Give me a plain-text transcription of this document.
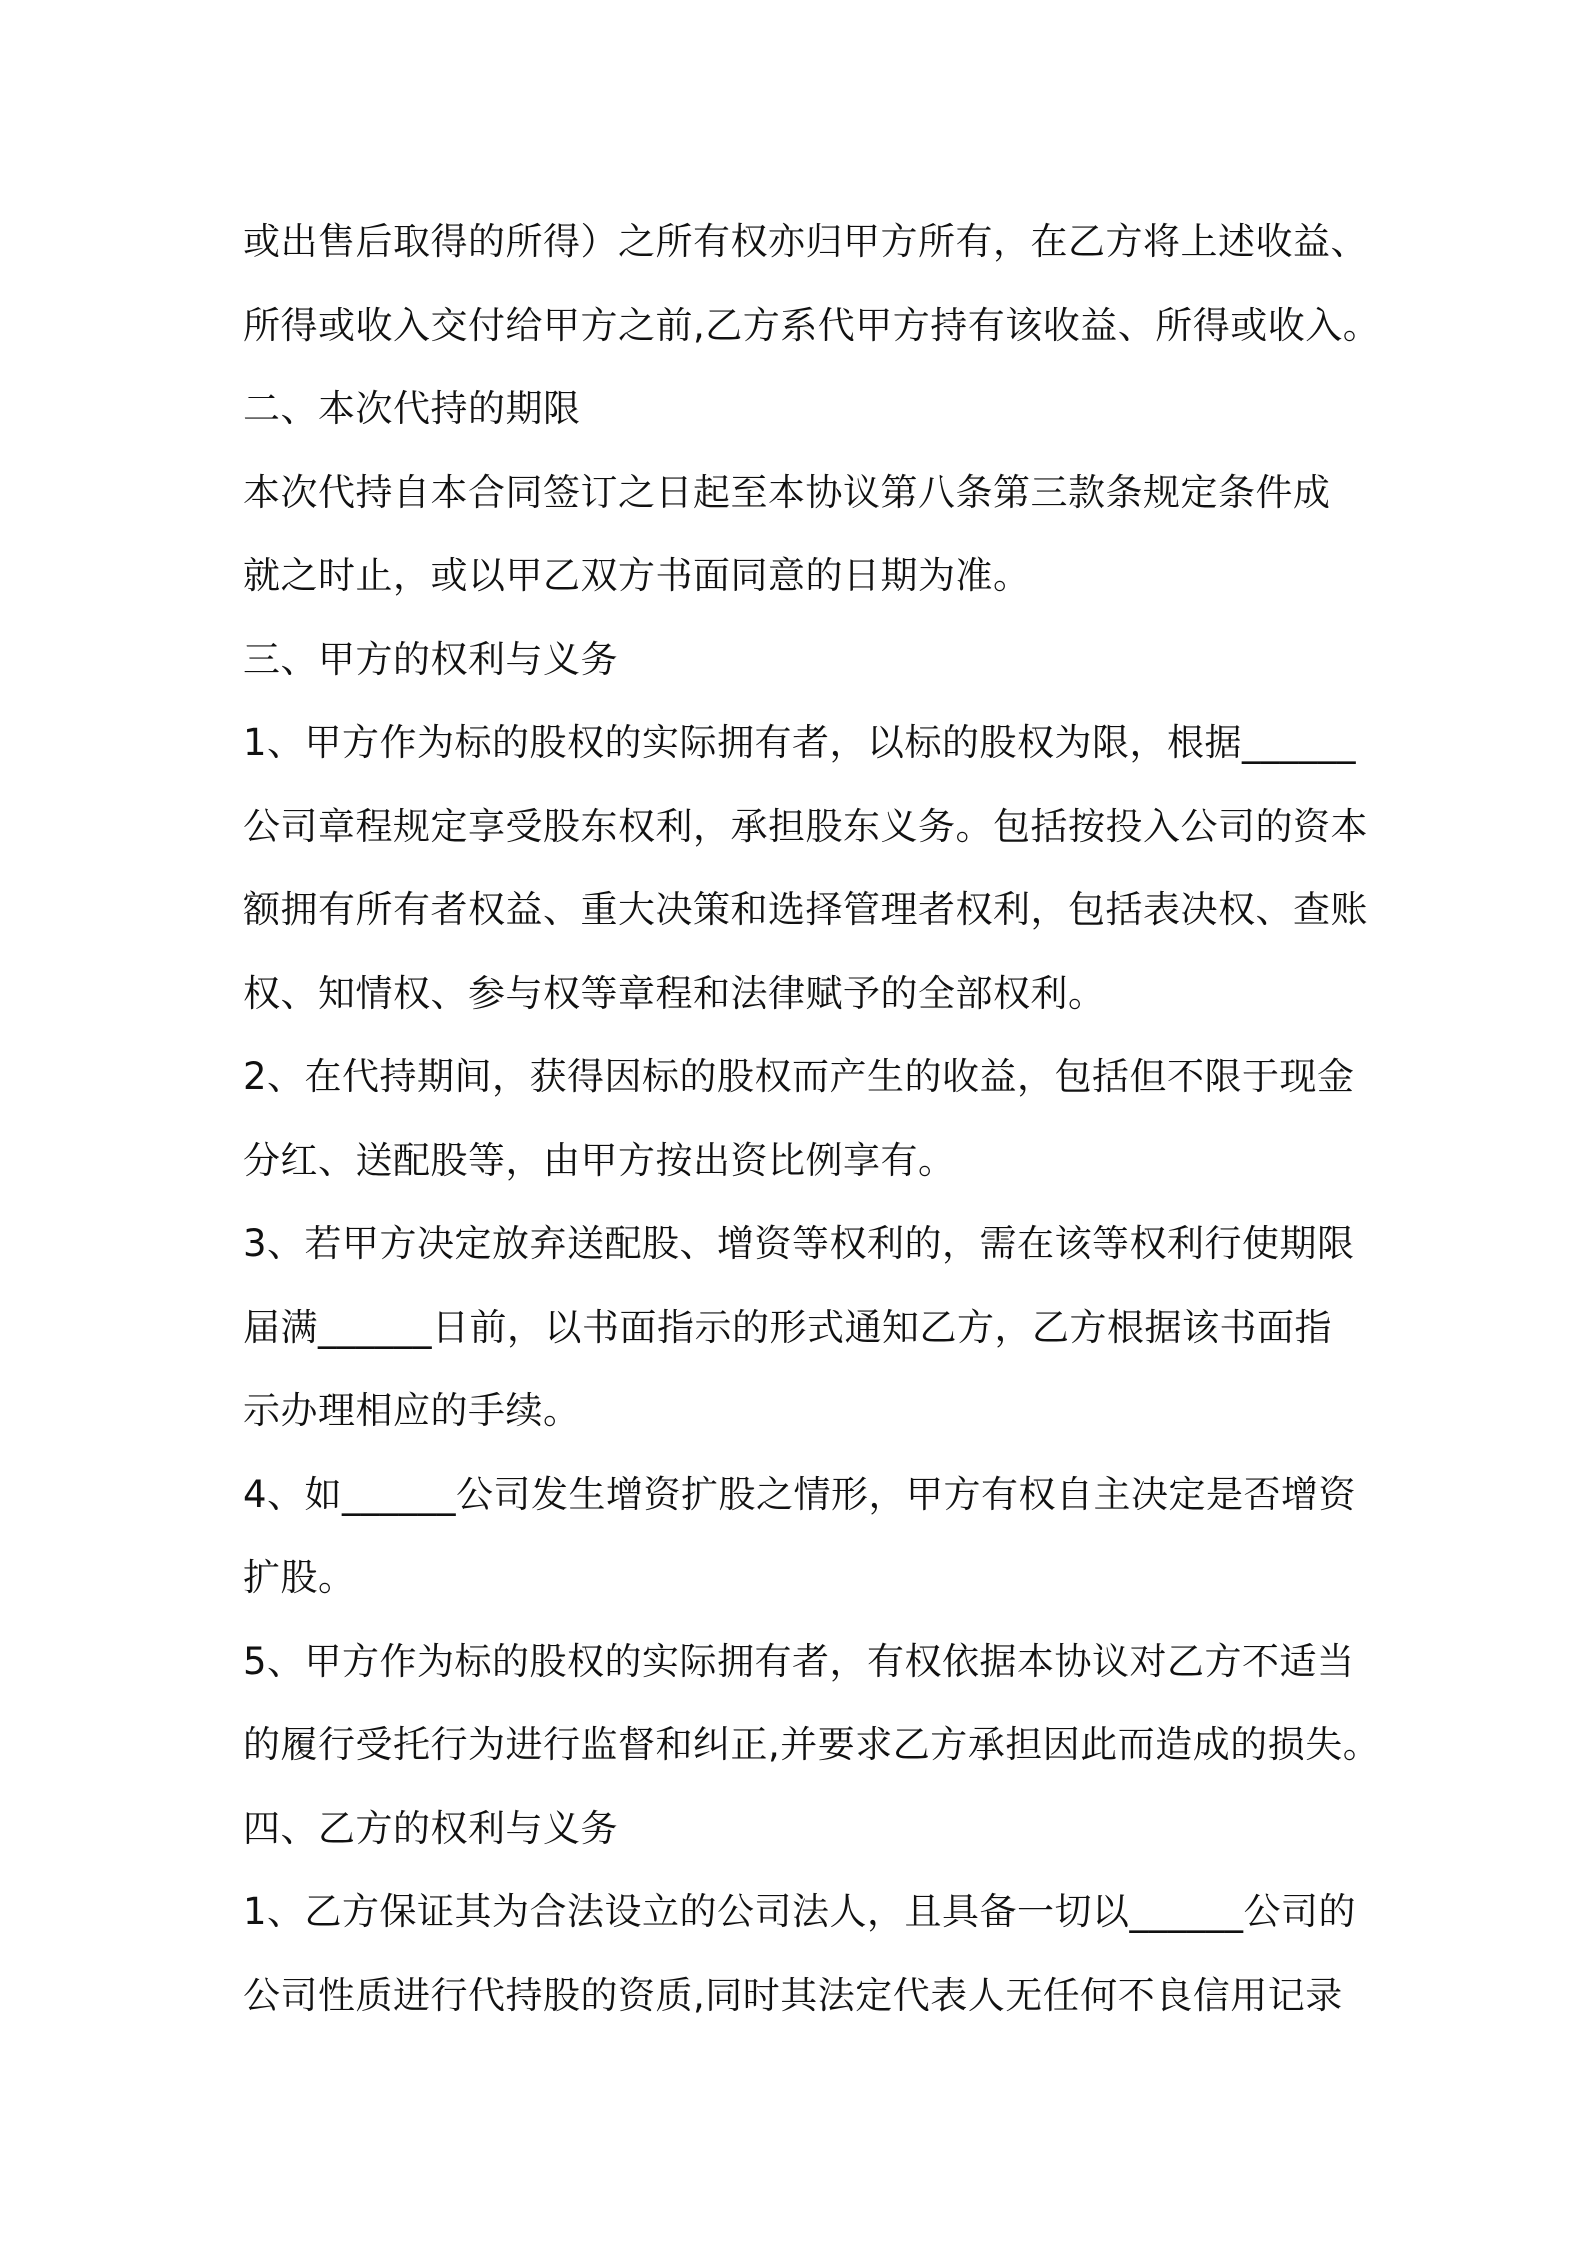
或出售后取得的所得）之所有权亦归甲方所有，在乙方将上述收益、
所得或收入交付给甲方之前,乙方系代甲方持有该收益、所得或收入。
二、本次代持的期限
本次代持自本合同签订之日起至本协议第八条第三款条规定条件成
就之时止，或以甲乙双方书面同意的日期为准。
三、甲方的权利与义务
1、甲方作为标的股权的实际拥有者，以标的股权为限，根据______
公司章程规定享受股东权利，承担股东义务。包括按投入公司的资本
额拥有所有者权益、重大决策和选择管理者权利，包括表决权、查账
权、知情权、参与权等章程和法律赋予的全部权利。
2、在代持期间，获得因标的股权而产生的收益，包括但不限于现金
分红、送配股等，由甲方按出资比例享有。
3、若甲方决定放弃送配股、增资等权利的，需在该等权利行使期限
届满______日前，以书面指示的形式通知乙方，乙方根据该书面指
示办理相应的手续。
4、如______公司发生增资扩股之情形，甲方有权自主决定是否增资
扩股。
5、甲方作为标的股权的实际拥有者，有权依据本协议对乙方不适当
的履行受托行为进行监督和纠正,并要求乙方承担因此而造成的损失。
四、乙方的权利与义务
1、乙方保证其为合法设立的公司法人，且具备一切以______公司的
公司性质进行代持股的资质,同时其法定代表人无任何不良信用记录
